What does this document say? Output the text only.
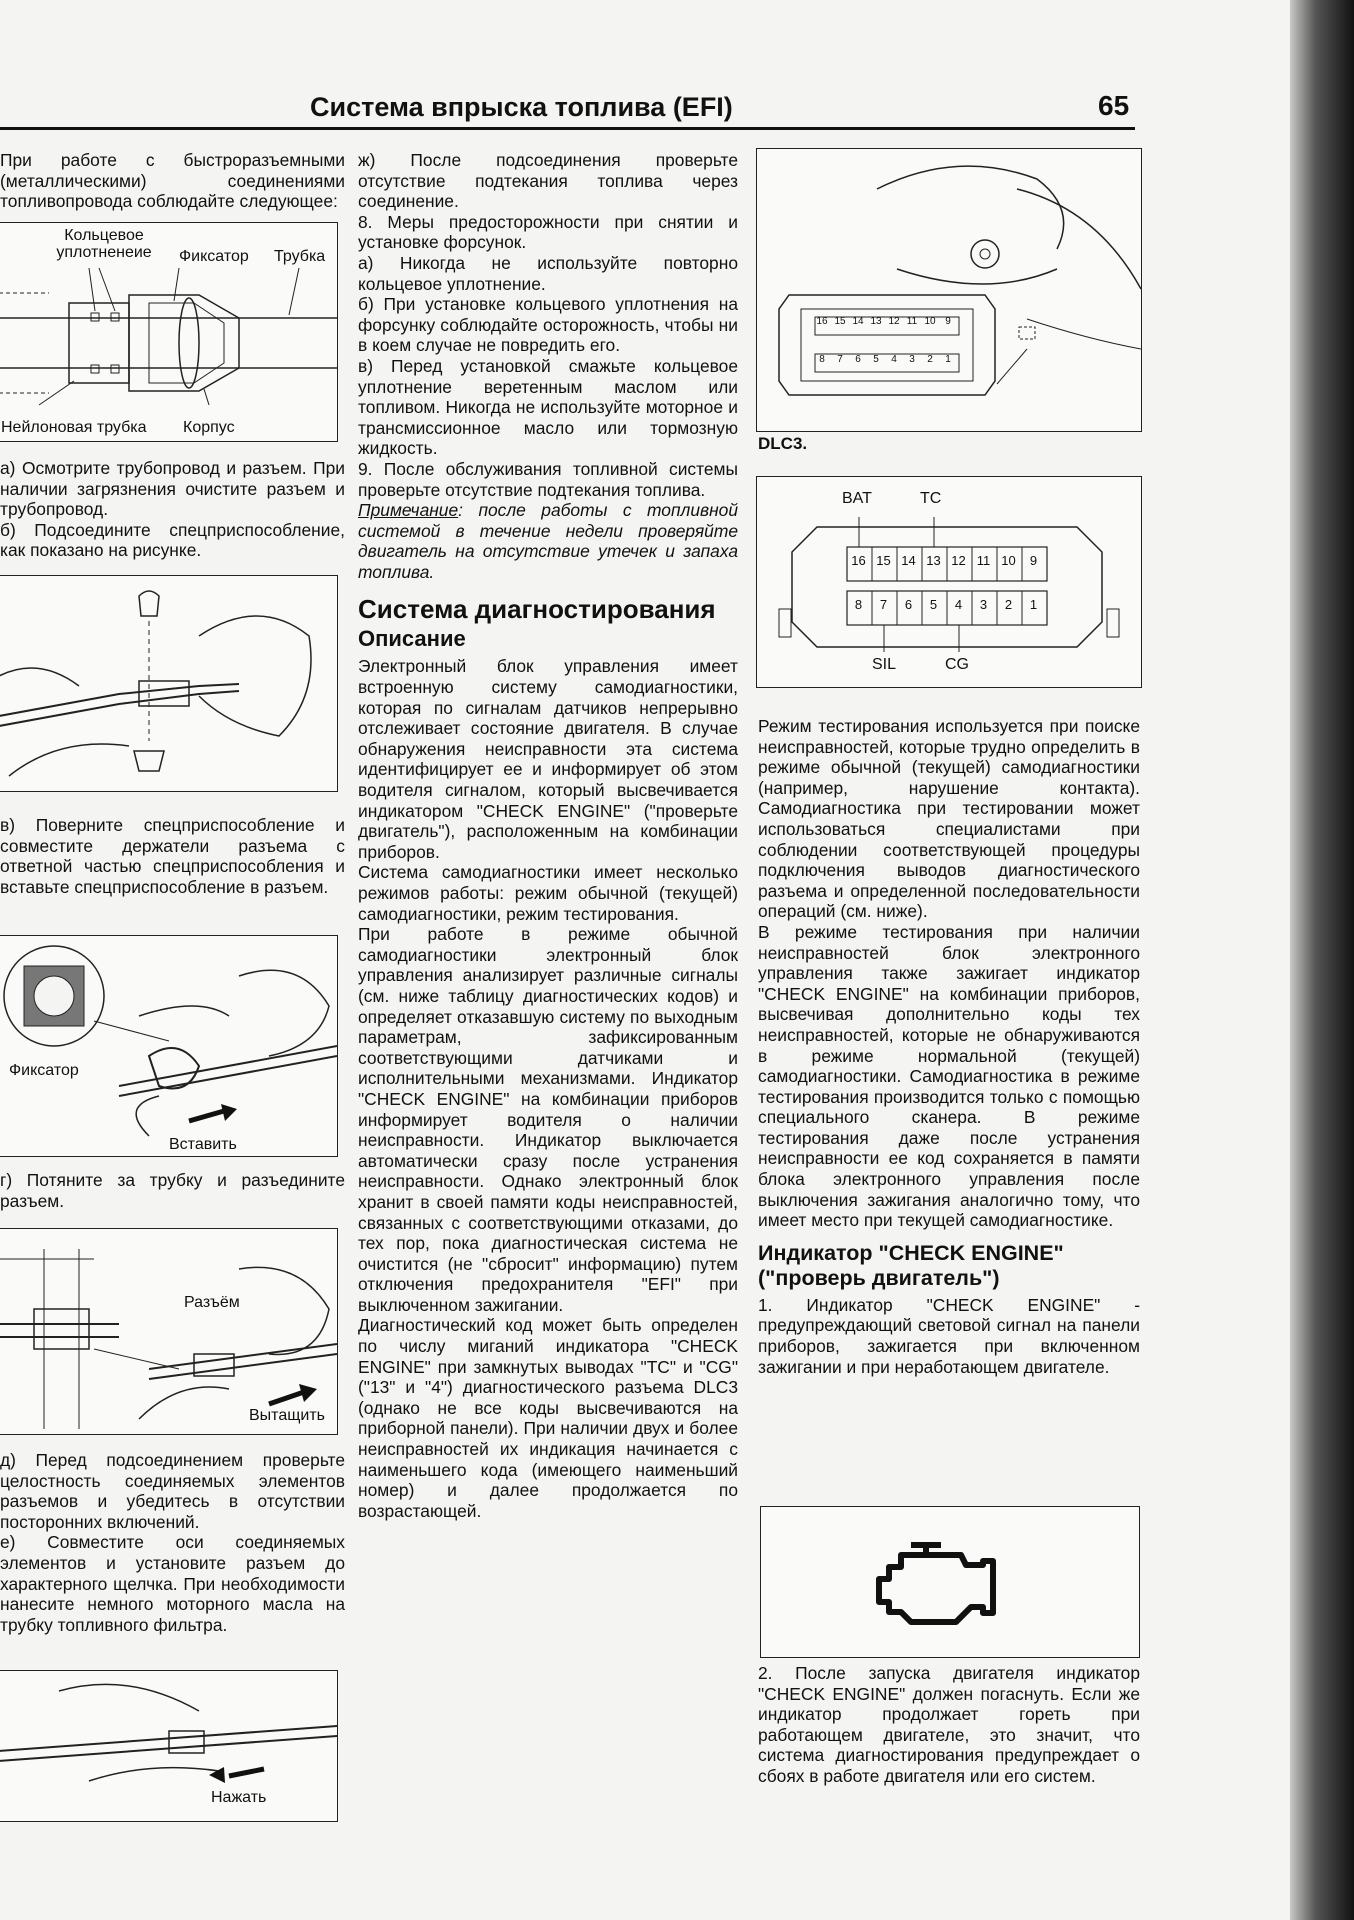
Система впрыска топлива (EFI)	65

При работе с быстроразъемными (металлическими) соединениями топливопровода соблюдайте следующее:

Кольцевое уплотненеие	Фиксатор Трубка
Нейлоновая трубка Корпус

а) Осмотрите трубопровод и разъем. При наличии загрязнения очистите разъем и трубопровод.

б) Подсоедините спецприспособление, как показано на рисунке.

в) Поверните спецприспособление и совместите держатели разъема с ответной частью спецприспособления и вставьте спецприспособление в разъем.

Фиксатор
Вставить

г) Потяните за трубку и разъедините разъем.

Разъём
Вытащить

д) Перед подсоединением проверьте целостность соединяемых элементов разъемов и убедитесь в отсутствии посторонних включений.

е) Совместите оси соединяемых элементов и установите разъем до характерного щелчка. При необходимости нанесите немного моторного масла на трубку топливного фильтра.

Нажать

ж) После подсоединения проверьте отсутствие подтекания топлива через соединение.

8. Меры предосторожности при снятии и установке форсунок.

а) Никогда не используйте повторно кольцевое уплотнение.

б) При установке кольцевого уплотнения на форсунку соблюдайте осторожность, чтобы ни в коем случае не повредить его.

в) Перед установкой смажьте кольцевое уплотнение веретенным маслом или топливом. Никогда не используйте моторное и трансмиссионное масло или тормозную жидкость.

9. После обслуживания топливной системы проверьте отсутствие подтекания топлива.

Примечание: после работы с топливной системой в течение недели проверяйте двигатель на отсутствие утечек и запаха топлива.

Система диагностирования
Описание

Электронный блок управления имеет встроенную систему самодиагностики, которая по сигналам датчиков непрерывно отслеживает состояние двигателя. В случае обнаружения неисправности эта система идентифицирует ее и информирует об этом водителя сигналом, который высвечивается индикатором "CHECK ENGINE" ("проверьте двигатель"), расположенным на комбинации приборов.

Система самодиагностики имеет несколько режимов работы: режим обычной (текущей) самодиагностики, режим тестирования.

При работе в режиме обычной самодиагностики электронный блок управления анализирует различные сигналы (см. ниже таблицу диагностических кодов) и определяет отказавшую систему по выходным параметрам, зафиксированным соответствующими датчиками и исполнительными механизмами. Индикатор "CHECK ENGINE" на комбинации приборов информирует водителя о наличии неисправности. Индикатор выключается автоматически сразу после устранения неисправности. Однако электронный блок хранит в своей памяти коды неисправностей, связанных с соответствующими отказами, до тех пор, пока диагностическая система не очистится (не "сбросит" информацию) путем отключения предохранителя "EFI" при выключенном зажигании.

Диагностический код может быть определен по числу миганий индикатора "CHECK ENGINE" при замкнутых выводах "TC" и "CG" ("13" и "4") диагностического разъема DLC3 (однако не все коды высвечиваются на приборной панели). При наличии двух и более неисправностей их индикация начинается с наименьшего кода (имеющего наименьший номер) и далее продолжается по возрастающей.

16 15 14 13 12 11 10 9
8	7	6	5	4	3	2	1
DLC3.
16 15 14 13 12 11 10	9
8	7	6	5	4	3	2	1
BAT	TC
SIL	CG

Режим тестирования используется при поиске неисправностей, которые трудно определить в режиме обычной (текущей) самодиагностики (например, нарушение контакта). Самодиагностика при тестировании может использоваться специалистами при соблюдении соответствующей процедуры подключения выводов диагностического разъема и определенной последовательности операций (см. ниже).

В режиме тестирования при наличии неисправностей блок электронного управления также зажигает индикатор "CHECK ENGINE" на комбинации приборов, высвечивая дополнительно коды тех неисправностей, которые не обнаруживаются в режиме нормальной (текущей) самодиагностики. Самодиагностика в режиме тестирования производится только с помощью специального сканера. В режиме тестирования даже после устранения неисправности ее код сохраняется в памяти блока электронного управления после выключения зажигания аналогично тому, что имеет место при текущей самодиагностике.

Индикатор "CHECK ENGINE" ("проверь двигатель")

1. Индикатор "CHECK ENGINE" - предупреждающий световой сигнал на панели приборов, зажигается при включенном зажигании и при неработающем двигателе.

2. После запуска двигателя индикатор "CHECK ENGINE" должен погаснуть. Если же индикатор продолжает гореть при работающем двигателе, это значит, что система диагностирования предупреждает о сбоях в работе двигателя или его систем.
